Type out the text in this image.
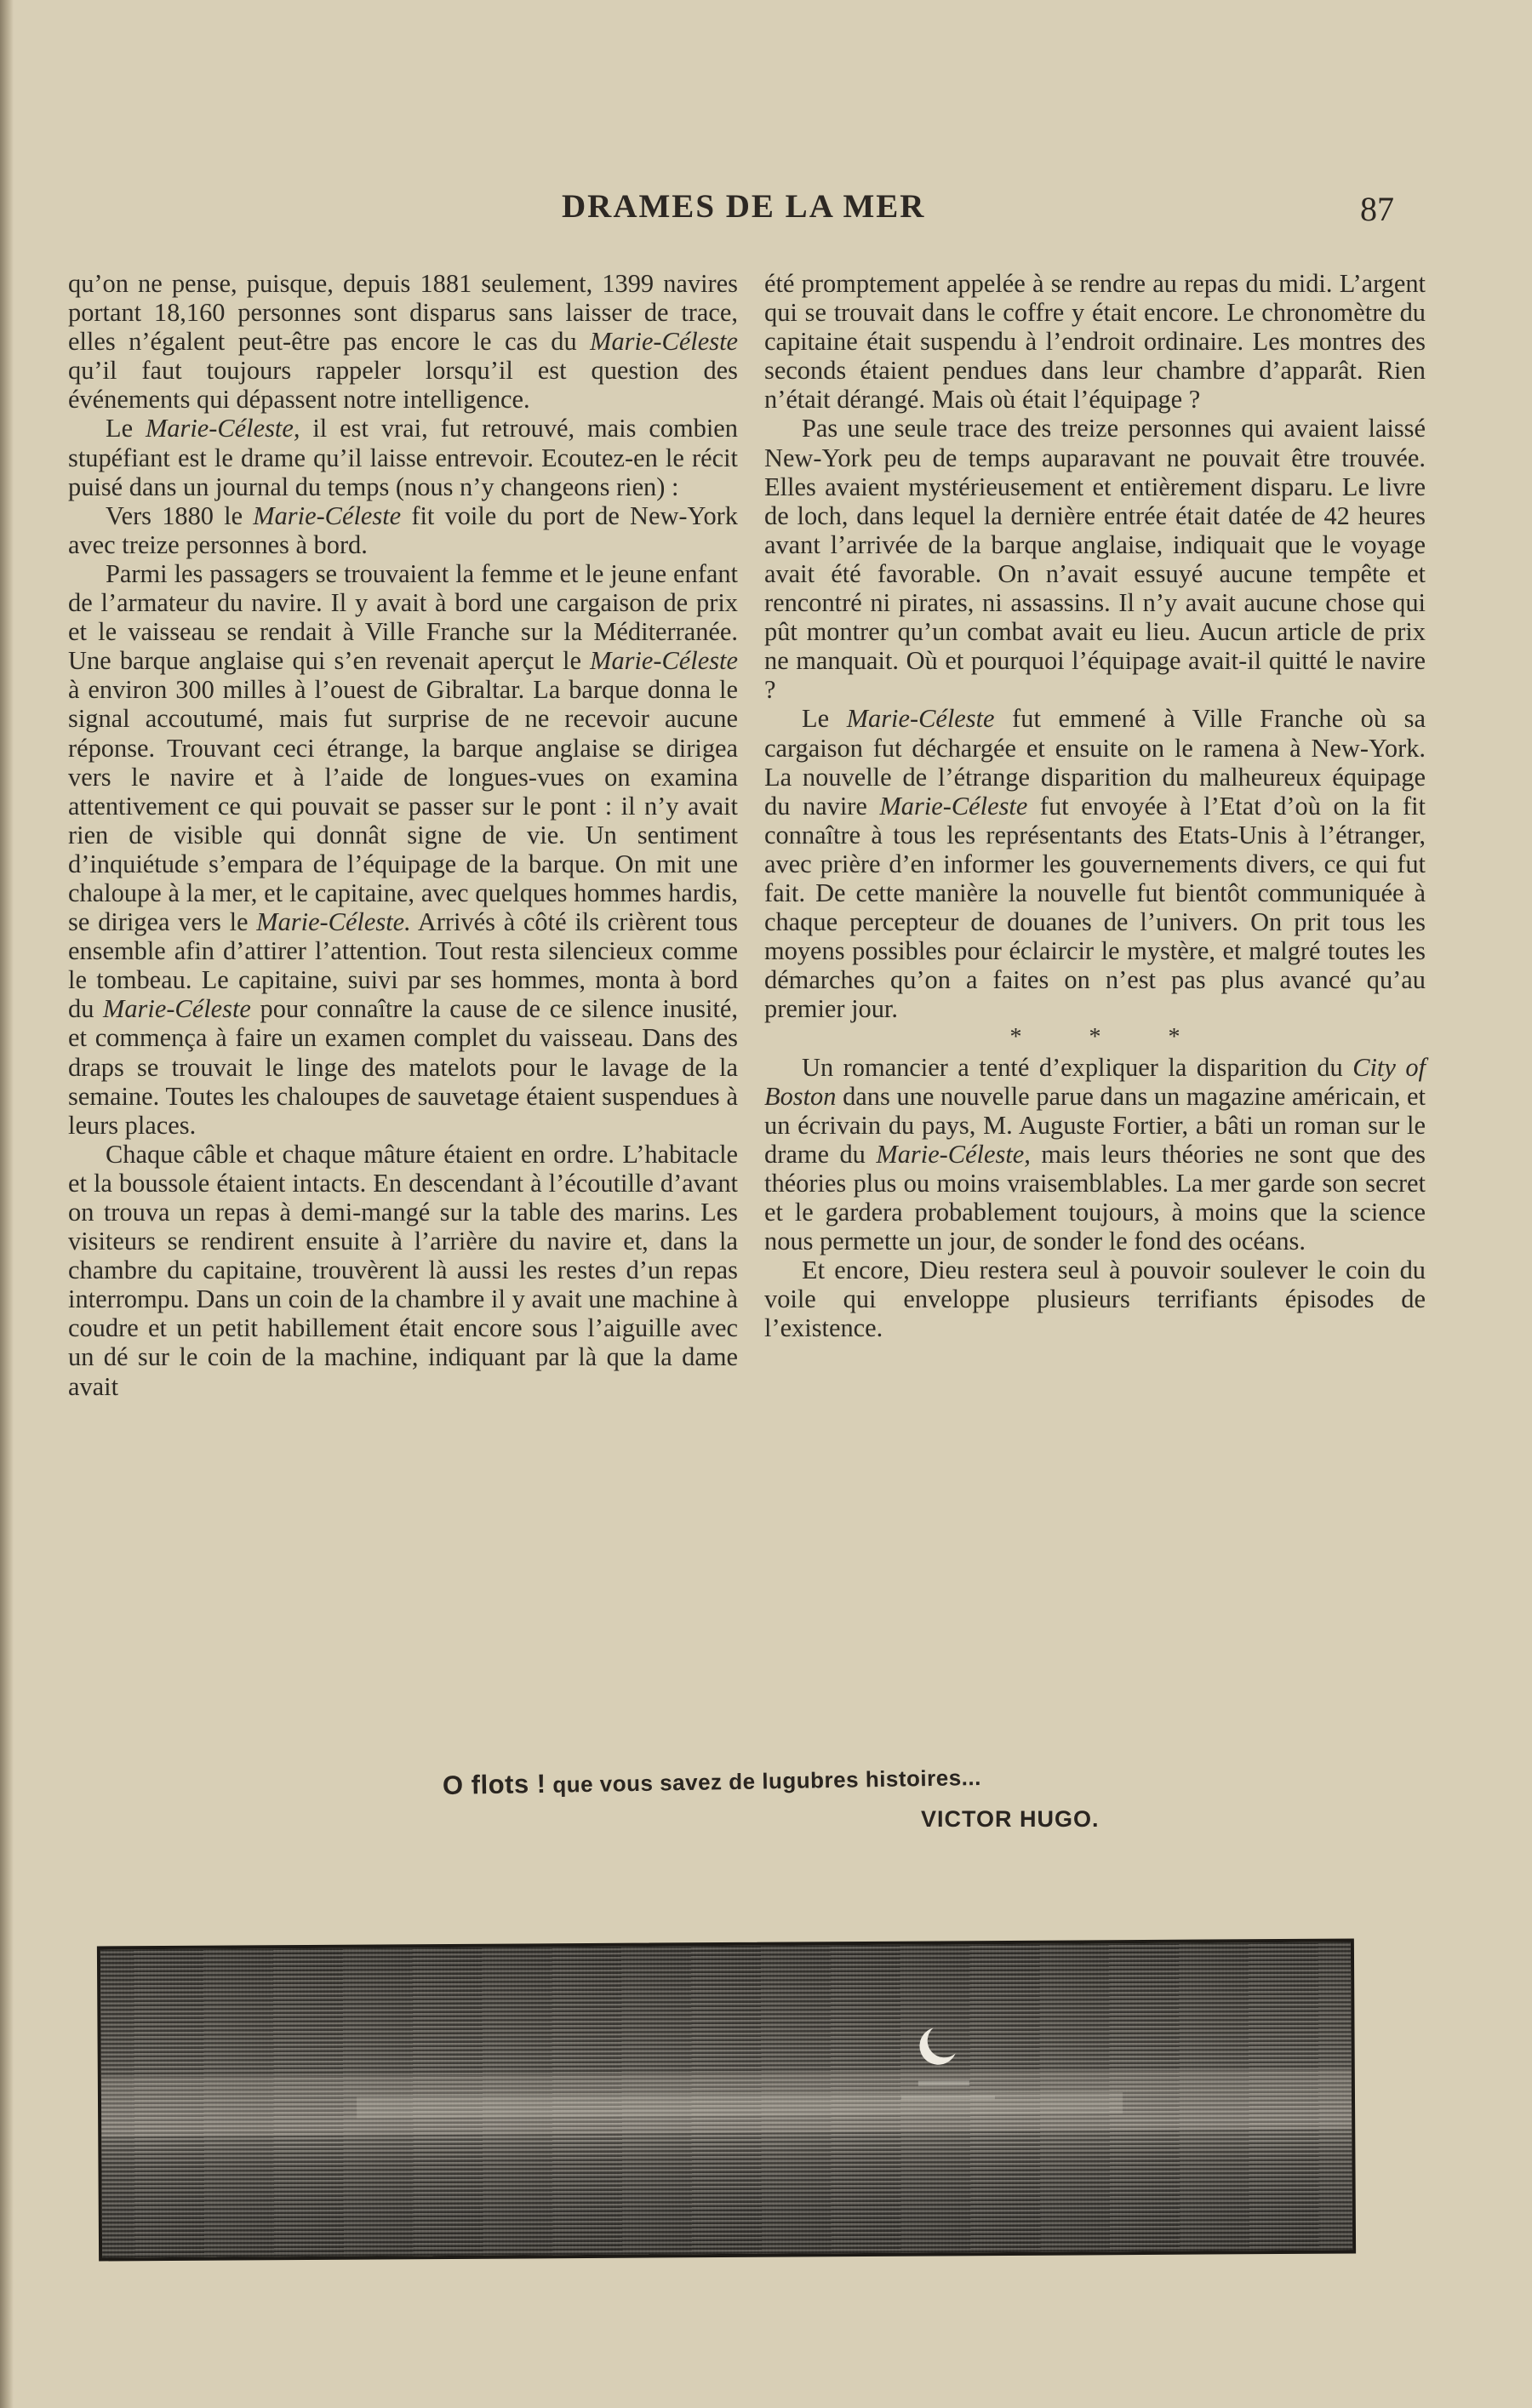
DRAMES DE LA MER	87

qu’on ne pense, puisque, depuis 1881 seulement, 1399 navires portant 18,160 personnes sont disparus sans laisser de trace, elles n’égalent peut-être pas encore le cas du Marie-Céleste qu’il faut toujours rappeler lorsqu’il est question des événements qui dépassent notre intelligence.

Le Marie-Céleste, il est vrai, fut retrouvé, mais combien stupéfiant est le drame qu’il laisse entrevoir. Ecoutez-en le récit puisé dans un journal du temps (nous n’y changeons rien) :

Vers 1880 le Marie-Céleste fit voile du port de New-York avec treize personnes à bord.

Parmi les passagers se trouvaient la femme et le jeune enfant de l’armateur du navire. Il y avait à bord une cargaison de prix et le vaisseau se rendait à Ville Franche sur la Méditerranée. Une barque anglaise qui s’en revenait aperçut le Marie-Céleste à environ 300 milles à l’ouest de Gibraltar. La barque donna le signal accoutumé, mais fut surprise de ne recevoir aucune réponse. Trouvant ceci étrange, la barque anglaise se dirigea vers le navire et à l’aide de longues-vues on examina attentivement ce qui pouvait se passer sur le pont : il n’y avait rien de visible qui donnât signe de vie. Un sentiment d’inquiétude s’empara de l’équipage de la barque. On mit une chaloupe à la mer, et le capitaine, avec quelques hommes hardis, se dirigea vers le Marie-Céleste. Arrivés à côté ils crièrent tous ensemble afin d’attirer l’attention. Tout resta silencieux comme le tombeau. Le capitaine, suivi par ses hommes, monta à bord du Marie-Céleste pour connaître la cause de ce silence inusité, et commença à faire un examen complet du vaisseau. Dans des draps se trouvait le linge des matelots pour le lavage de la semaine. Toutes les chaloupes de sauvetage étaient suspendues à leurs places.

Chaque câble et chaque mâture étaient en ordre. L’habitacle et la boussole étaient intacts. En descendant à l’écoutille d’avant on trouva un repas à demi-mangé sur la table des marins. Les visiteurs se rendirent ensuite à l’arrière du navire et, dans la chambre du capitaine, trouvèrent là aussi les restes d’un repas interrompu. Dans un coin de la chambre il y avait une machine à coudre et un petit habillement était encore sous l’aiguille avec un dé sur le coin de la machine, indiquant par là que la dame avait

été promptement appelée à se rendre au repas du midi. L’argent qui se trouvait dans le coffre y était encore. Le chronomètre du capitaine était suspendu à l’endroit ordinaire. Les montres des seconds étaient pendues dans leur chambre d’apparât. Rien n’était dérangé. Mais où était l’équipage ?

Pas une seule trace des treize personnes qui avaient laissé New-York peu de temps auparavant ne pouvait être trouvée. Elles avaient mystérieusement et entièrement disparu. Le livre de loch, dans lequel la dernière entrée était datée de 42 heures avant l’arrivée de la barque anglaise, indiquait que le voyage avait été favorable. On n’avait essuyé aucune tempête et rencontré ni pirates, ni assassins. Il n’y avait aucune chose qui pût montrer qu’un combat avait eu lieu. Aucun article de prix ne manquait. Où et pourquoi l’équipage avait-il quitté le navire ?

Le Marie-Céleste fut emmené à Ville Franche où sa cargaison fut déchargée et ensuite on le ramena à New-York. La nouvelle de l’étrange disparition du malheureux équipage du navire Marie-Céleste fut envoyée à l’Etat d’où on la fit connaître à tous les représentants des Etats-Unis à l’étranger, avec prière d’en informer les gouvernements divers, ce qui fut fait. De cette manière la nouvelle fut bientôt communiquée à chaque percepteur de douanes de l’univers. On prit tous les moyens possibles pour éclaircir le mystère, et malgré toutes les démarches qu’on a faites on n’est pas plus avancé qu’au premier jour.

* * *

Un romancier a tenté d’expliquer la disparition du City of Boston dans une nouvelle parue dans un magazine américain, et un écrivain du pays, M. Auguste Fortier, a bâti un roman sur le drame du Marie-Céleste, mais leurs théories ne sont que des théories plus ou moins vraisemblables. La mer garde son secret et le gardera probablement toujours, à moins que la science nous permette un jour, de sonder le fond des océans.

Et encore, Dieu restera seul à pouvoir soulever le coin du voile qui enveloppe plusieurs terrifiants épisodes de l’existence.

O flots ! que vous savez de lugubres histoires...
VICTOR HUGO.
